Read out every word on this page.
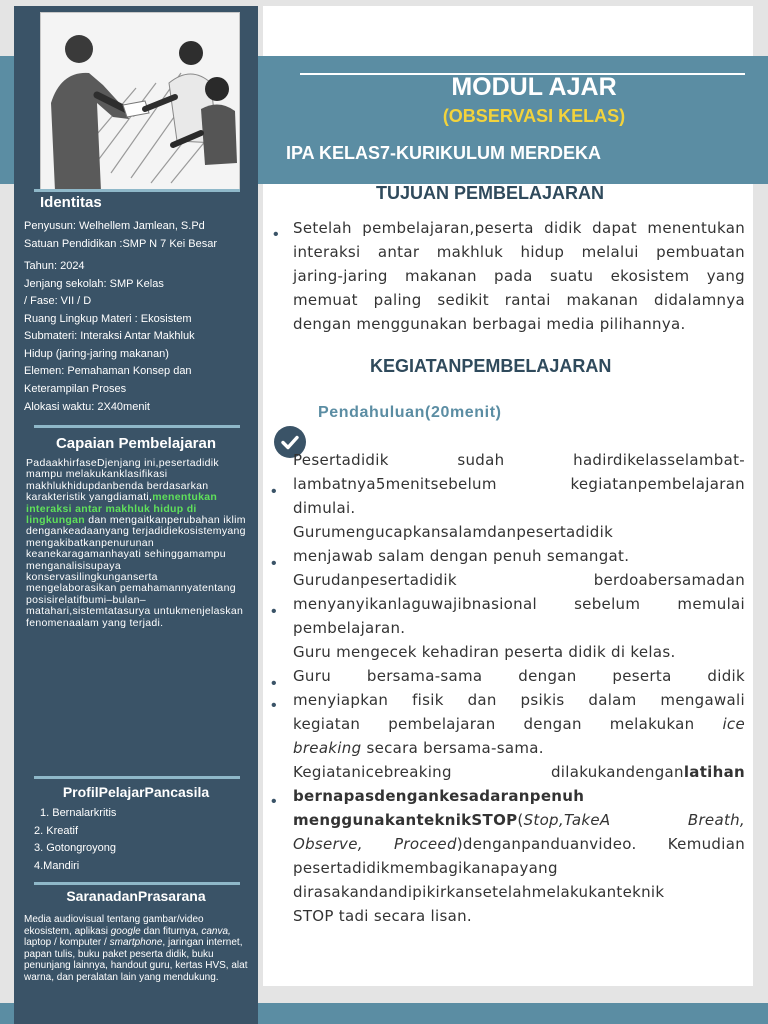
MODUL AJAR
(OBSERVASI KELAS)
IPA KELAS7-KURIKULUM MERDEKA
TUJUAN PEMBELAJARAN
• Setelah pembelajaran,peserta didik dapat menentukan
interaksi antar makhluk hidup melalui pembuatan
jaring-jaring makanan pada suatu ekosistem yang
memuat paling sedikit rantai makanan didalamnya
dengan menggunakan berbagai media pilihannya.
KEGIATANPEMBELAJARAN
Pendahuluan(20menit)
•
•
•
•
•
•
Pesertadidik sudah hadirdikelasselambat-
lambatnya5menitsebelum kegiatanpembelajaran
dimulai.
Gurumengucapkansalamdanpesertadidik
menjawab salam dengan penuh semangat.
Gurudanpesertadidik berdoabersamadan
menyanyikanlaguwajibnasional sebelum memulai
pembelajaran.
Guru mengecek kehadiran peserta didik di kelas.
Guru bersama-sama dengan peserta didik
menyiapkan fisik dan psikis dalam mengawali
kegiatan pembelajaran dengan melakukan ice
breaking secara bersama-sama.
Kegiatanicebreaking dilakukandenganlatihan
bernapasdengankesadaranpenuh
menggunakanteknikSTOP(Stop,TakeA Breath,
Observe, Proceed)denganpanduanvideo. Kemudian
pesertadidikmembagikanapayang
dirasakandandipikirkansetelahmelakukanteknik
STOP tadi secara lisan.
Identitas
Penyusun: Welhellem Jamlean, S.Pd
Satuan Pendidikan :SMP N 7 Kei Besar
Tahun: 2024
Jenjang sekolah: SMP Kelas
/ Fase: VII / D
Ruang Lingkup Materi : Ekosistem
Submateri: Interaksi Antar Makhluk
Hidup (jaring-jaring makanan)
Elemen: Pemahaman Konsep dan
Keterampilan Proses
Alokasi waktu: 2X40menit
Capaian Pembelajaran
PadaakhirfaseDjenjang ini,pesertadidik mampu melakukanklasifikasi makhlukhidupdanbenda berdasarkan karakteristik yangdiamati,menentukan interaksi antar makhluk hidup di lingkungan dan mengaitkanperubahan iklim dengankeadaanyang terjadidiekosistemyang mengakibatkanpenurunan keanekaragamanhayati sehinggamampu menganalisisupaya konservasilingkunganserta mengelaborasikan pemahamannyatentang posisirelatifbumi–bulan–matahari,sistemtatasurya untukmenjelaskan fenomenaalam yang terjadi.
ProfilPelajarPancasila
1. Bernalarkritis
2. Kreatif
3. Gotongroyong
4.Mandiri
SaranadanPrasarana
Media audiovisual tentang gambar/video ekosistem, aplikasi google dan fiturnya, canva, laptop / komputer / smartphone, jaringan internet, papan tulis, buku paket peserta didik, buku penunjang lainnya, handout guru, kertas HVS, alat warna, dan peralatan lain yang mendukung.
